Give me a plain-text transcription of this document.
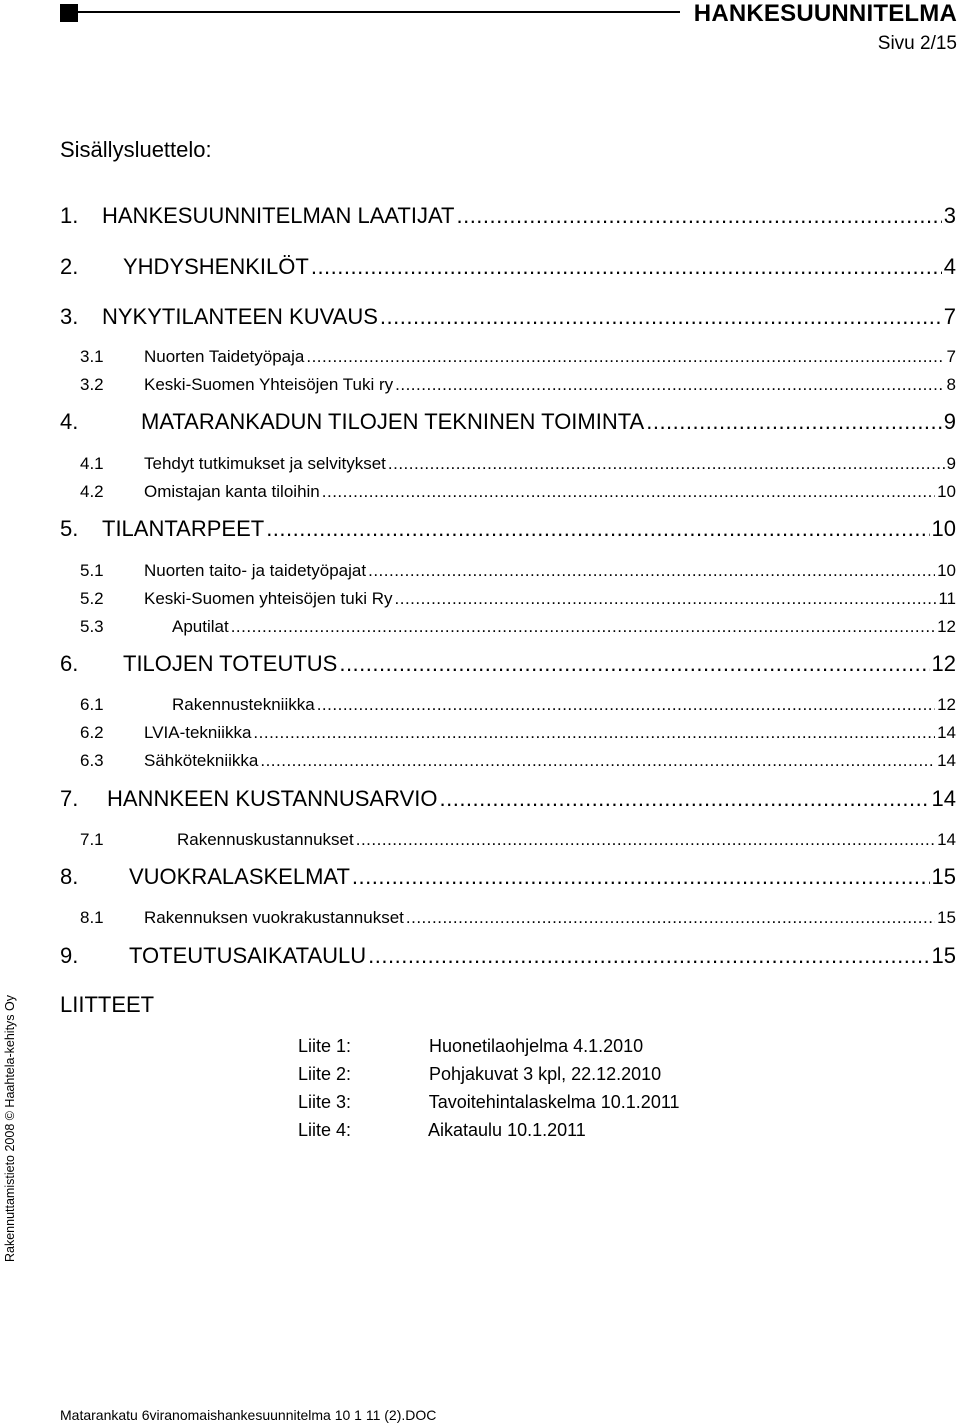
HANKESUUNNITELMA
Sivu 2/15
Sisällysluettelo:
1.	HANKESUUNNITELMAN LAATIJAT .....	3
2.	YHDYSHENKILÖT .....	4
3.	NYKYTILANTEEN KUVAUS .....	7
3.1	Nuorten Taidetyöpaja .....	7
3.2	Keski-Suomen Yhteisöjen Tuki ry .....	8
4.	MATARANKADUN TILOJEN TEKNINEN TOIMINTA .....	9
4.1	Tehdyt tutkimukset ja selvitykset .....	9
4.2	Omistajan kanta tiloihin .....	10
5.	TILANTARPEET .....	10
5.1	Nuorten taito- ja taidetyöpajat .....	10
5.2	Keski-Suomen yhteisöjen tuki Ry .....	11
5.3	Aputilat .....	12
6.	TILOJEN TOTEUTUS .....	12
6.1	Rakennustekniikka .....	12
6.2	LVIA-tekniikka .....	14
6.3	Sähkötekniikka .....	14
7.	HANNKEEN KUSTANNUSARVIO .....	14
7.1	Rakennuskustannukset .....	14
8.	VUOKRALASKELMAT .....	15
8.1	Rakennuksen vuokrakustannukset .....	15
9.	TOTEUTUSAIKATAULU .....	15
LIITTEET
Liite 1:	Huonetilaohjelma 4.1.2010
Liite 2:	Pohjakuvat 3 kpl, 22.12.2010
Liite 3:	Tavoitehintalaskelma 10.1.2011
Liite 4:	Aikataulu 10.1.2011
Rakennuttamistieto 2008 © Haahtela-kehitys Oy
Matarankatu 6viranomaishankesuunnitelma 10 1 11 (2).DOC
